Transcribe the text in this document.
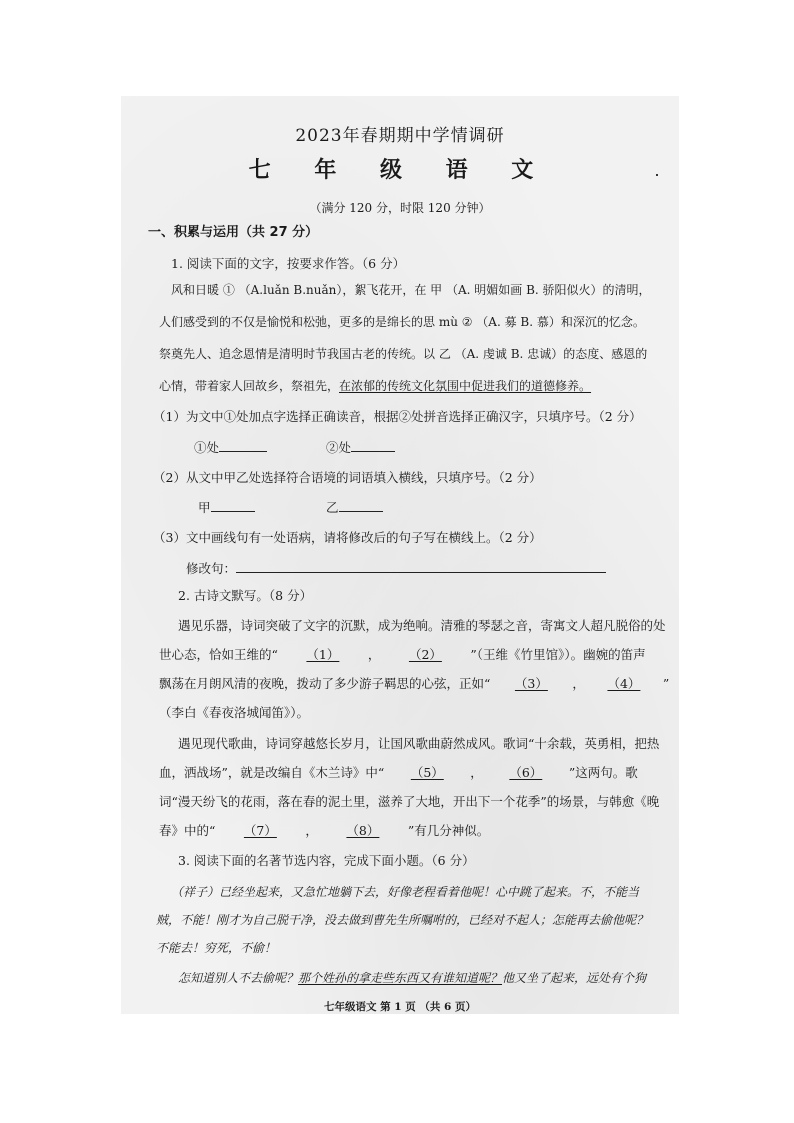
2023年春期期中学情调研
七 年 级 语 文
（满分 120 分，时限 120 分钟）
一、积累与运用（共 27 分）
1. 阅读下面的文字，按要求作答。（6 分）
风和日暖 ① （A.luǎn B.nuǎn），絮飞花开，在 甲 （A. 明媚如画 B. 骄阳似火）的清明，
人们感受到的不仅是愉悦和松弛，更多的是绵长的思 mù ② （A. 募 B. 慕）和深沉的忆念。
祭奠先人、追念恩情是清明时节我国古老的传统。以 乙 （A. 虔诚 B. 忠诚）的态度、感恩的
心情，带着家人回故乡，祭祖先，在浓郁的传统文化氛围中促进我们的道德修养。
（1）为文中①处加点字选择正确读音，根据②处拼音选择正确汉字，只填序号。（2 分）
①处	②处
（2）从文中甲乙处选择符合语境的词语填入横线，只填序号。（2 分）
甲	乙
（3）文中画线句有一处语病，请将修改后的句子写在横线上。（2 分）
修改句：
2. 古诗文默写。（8 分）
遇见乐器，诗词突破了文字的沉默，成为绝响。清雅的琴瑟之音，寄寓文人超凡脱俗的处
世心态，恰如王维的“ （1） ， （2） ”（王维《竹里馆》）。幽婉的笛声
飘荡在月朗风清的夜晚，拨动了多少游子羁思的心弦，正如“ （3） ， （4） ”
（李白《春夜洛城闻笛》）。
遇见现代歌曲，诗词穿越悠长岁月，让国风歌曲蔚然成风。歌词“十余载，英勇相，把热
血，洒战场”，就是改编自《木兰诗》中“ （5） ， （6） ”这两句。歌
词“漫天纷飞的花雨，落在春的泥土里，滋养了大地，开出下一个花季”的场景，与韩愈《晚
春》中的“ （7） ， （8） ”有几分神似。
3. 阅读下面的名著节选内容，完成下面小题。（6 分）
（祥子）已经坐起来，又急忙地躺下去，好像老程看着他呢！心中跳了起来。不，不能当
贼，不能！刚才为自己脱干净，没去做到曹先生所嘱咐的，已经对不起人；怎能再去偷他呢？
不能去！穷死，不偷！
怎知道别人不去偷呢？那个姓孙的拿走些东西又有谁知道呢？他又坐了起来，远处有个狗
七年级语文 第 1 页 （共 6 页）
